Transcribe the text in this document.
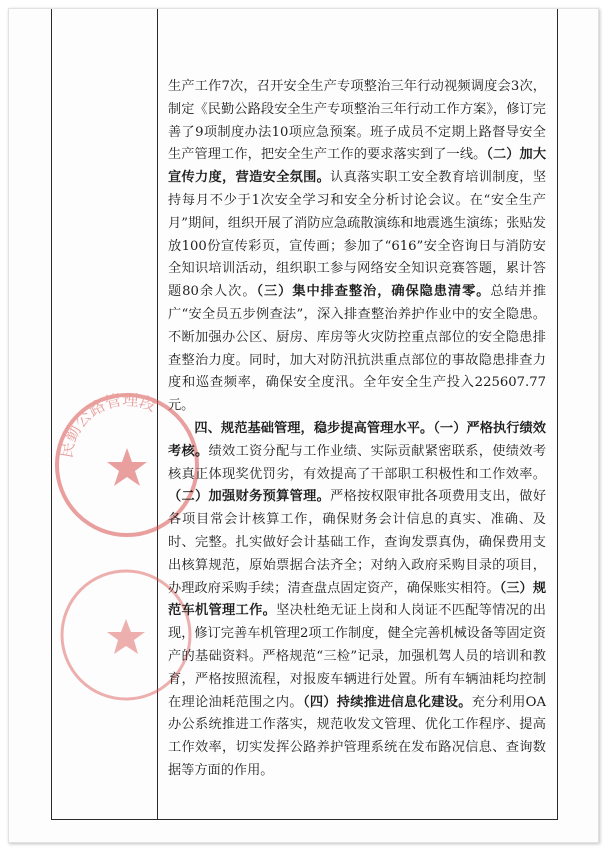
民勤公路管理段

生产工作7次，召开安全生产专项整治三年行动视频调度会3次，制定《民勤公路段安全生产专项整治三年行动工作方案》，修订完善了9项制度办法10项应急预案。班子成员不定期上路督导安全生产管理工作，把安全生产工作的要求落实到了一线。（二）加大宣传力度，营造安全氛围。认真落实职工安全教育培训制度，坚持每月不少于1次安全学习和安全分析讨论会议。在“安全生产月”期间，组织开展了消防应急疏散演练和地震逃生演练；张贴发放100份宣传彩页，宣传画；参加了“616”安全咨询日与消防安全知识培训活动，组织职工参与网络安全知识竞赛答题，累计答题80余人次。（三）集中排查整治，确保隐患清零。总结并推广“安全员五步例查法”，深入排查整治养护作业中的安全隐患。不断加强办公区、厨房、库房等火灾防控重点部位的安全隐患排查整治力度。同时，加大对防汛抗洪重点部位的事故隐患排查力度和巡查频率，确保安全度汛。全年安全生产投入225607.77元。

四、规范基础管理，稳步提高管理水平。（一）严格执行绩效考核。绩效工资分配与工作业绩、实际贡献紧密联系，使绩效考核真正体现奖优罚劣，有效提高了干部职工积极性和工作效率。（二）加强财务预算管理。严格按权限审批各项费用支出，做好各项目常会计核算工作，确保财务会计信息的真实、准确、及时、完整。扎实做好会计基础工作，查询发票真伪，确保费用支出核算规范，原始票据合法齐全；对纳入政府采购目录的项目，办理政府采购手续；清查盘点固定资产，确保账实相符。（三）规范车机管理工作。坚决杜绝无证上岗和人岗证不匹配等情况的出现，修订完善车机管理2项工作制度，健全完善机械设备等固定资产的基础资料。严格规范“三检”记录，加强机驾人员的培训和教育，严格按照流程，对报废车辆进行处置。所有车辆油耗均控制在理论油耗范围之内。（四）持续推进信息化建设。充分利用OA办公系统推进工作落实，规范收发文管理、优化工作程序、提高工作效率，切实发挥公路养护管理系统在发布路况信息、查询数据等方面的作用。
